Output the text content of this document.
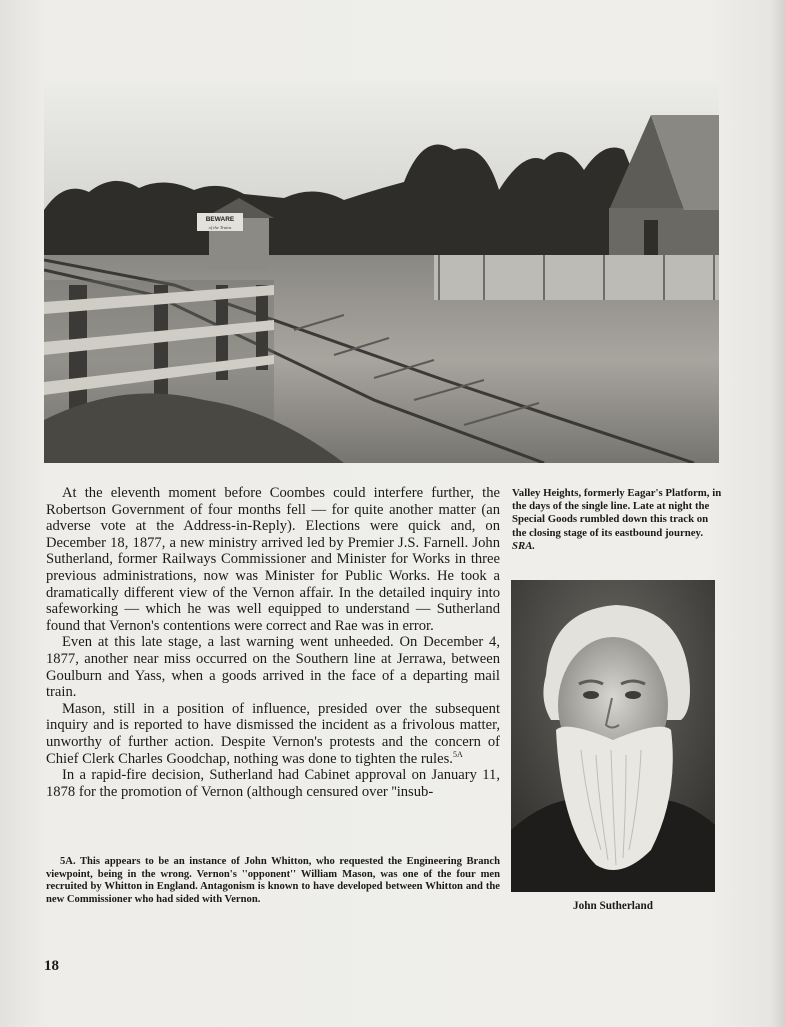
BEWARE
of the Trains
Valley Heights, formerly Eagar's Platform, in the days of the single line. Late at night the Special Goods rumbled down this track on the closing stage of its eastbound journey. SRA.

At the eleventh moment before Coombes could interfere further, the Robertson Government of four months fell — for quite another matter (an adverse vote at the Address-in-Reply). Elections were quick and, on December 18, 1877, a new ministry arrived led by Premier J.S. Farnell. John Sutherland, former Railways Commissioner and Minister for Works in three previous administrations, now was Minister for Public Works. He took a dramatically different view of the Vernon affair. In the detailed inquiry into safeworking — which he was well equipped to understand — Sutherland found that Vernon's contentions were correct and Rae was in error.

Even at this late stage, a last warning went unheeded. On December 4, 1877, another near miss occurred on the Southern line at Jerrawa, between Goulburn and Yass, when a goods arrived in the face of a departing mail train.

Mason, still in a position of influence, presided over the subsequent inquiry and is reported to have dismissed the incident as a frivolous matter, unworthy of further action. Despite Vernon's protests and the concern of Chief Clerk Charles Goodchap, nothing was done to tighten the rules.$^{5A}$

In a rapid-fire decision, Sutherland had Cabinet approval on January 11, 1878 for the promotion of Vernon (although censured over ''insub-

5A. This appears to be an instance of John Whitton, who requested the Engineering Branch viewpoint, being in the wrong. Vernon's ''opponent'' William Mason, was one of the four men recruited by Whitton in England. Antagonism is known to have developed between Whitton and the new Commissioner who had sided with Vernon.
John Sutherland
18
